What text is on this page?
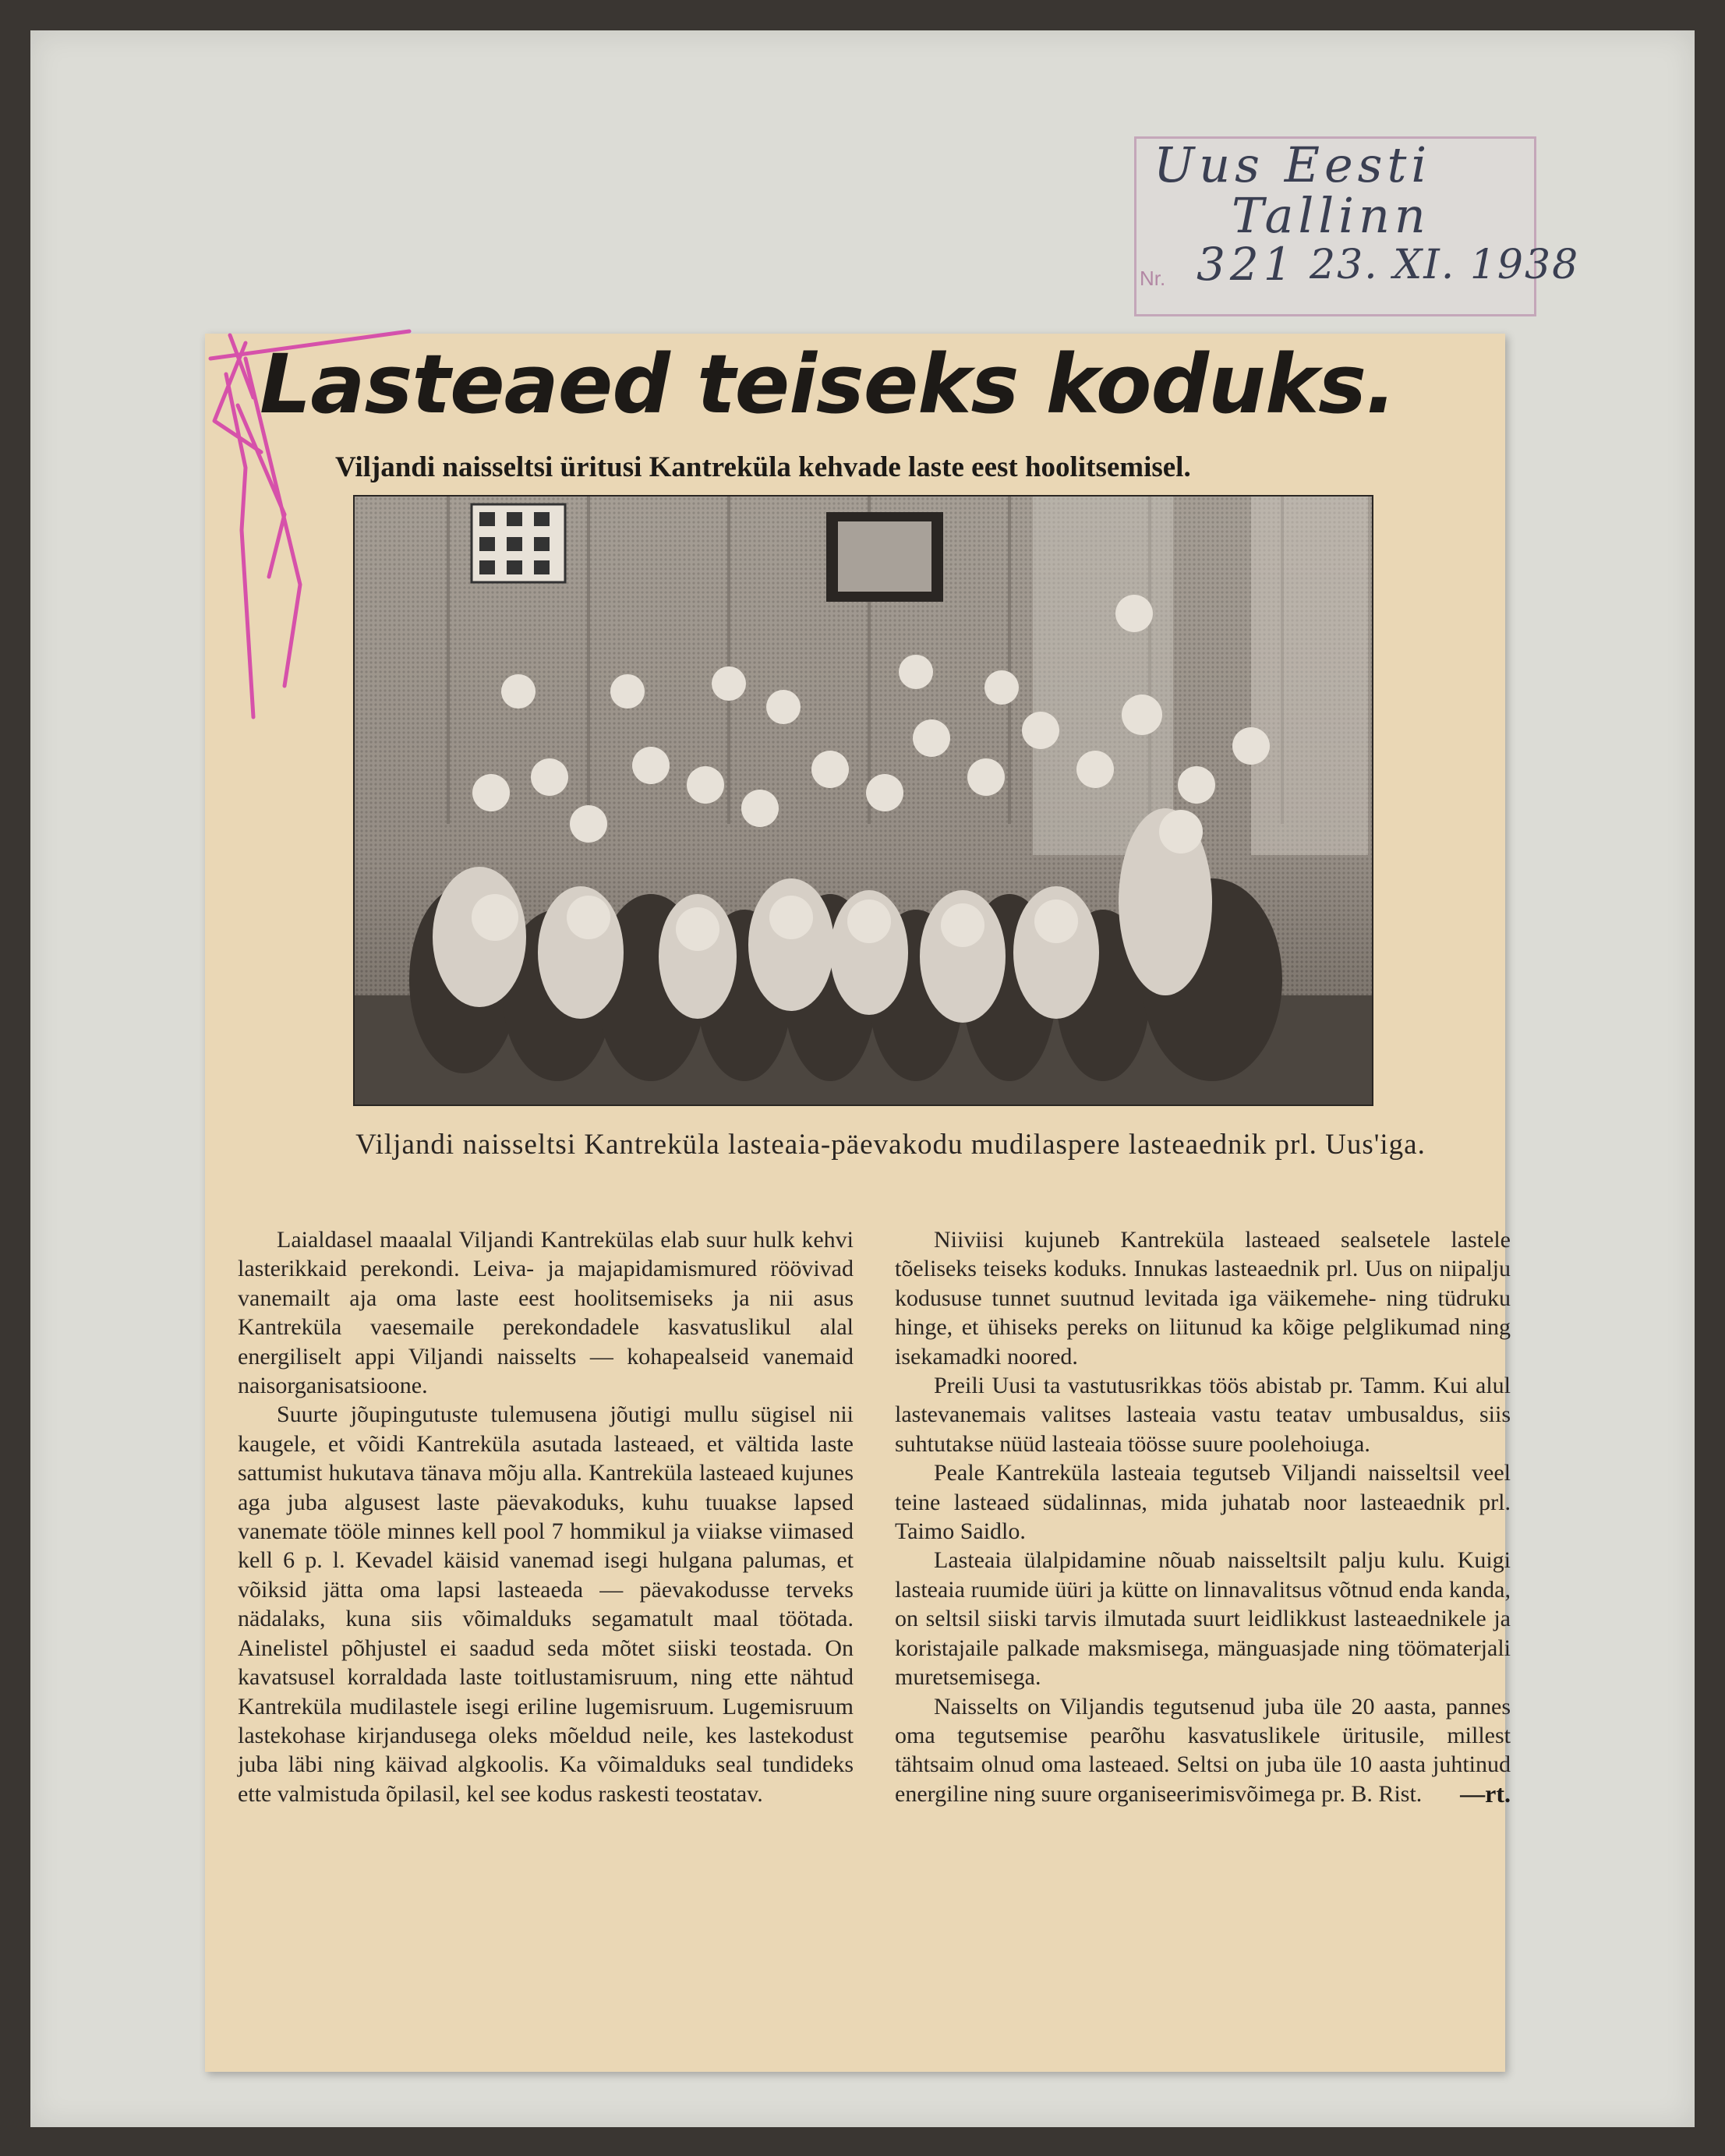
Uus Eesti
Tallinn
Nr. 321 23. XI. 1938
Lasteaed teiseks koduks.
Viljandi naisseltsi üritusi Kantreküla kehvade laste eest hoolitsemisel.
Viljandi naisseltsi Kantreküla lasteaia-päevakodu mudilaspere lasteaednik prl. Uus'iga.

Laialdasel maaalal Viljandi Kantrekülas elab suur hulk kehvi lasterikkaid perekondi. Leiva- ja majapidamismured röövivad vanemailt aja oma laste eest hoolitsemiseks ja nii asus Kantreküla vaesemaile perekondadele kasvatuslikul alal energiliselt appi Viljandi naisselts — kohapealseid vanemaid naisorganisatsioone.

Suurte jõupingutuste tulemusena jõutigi mullu sügisel nii kaugele, et võidi Kantreküla asutada lasteaed, et vältida laste sattumist hukutava tänava mõju alla. Kantreküla lasteaed kujunes aga juba algusest laste päevakoduks, kuhu tuuakse lapsed vanemate tööle minnes kell pool 7 hommikul ja viiakse viimased kell 6 p. l. Kevadel käisid vanemad isegi hulgana palumas, et võiksid jätta oma lapsi lasteaeda — päevakodusse terveks nädalaks, kuna siis võimalduks segamatult maal töötada. Ainelistel põhjustel ei saadud seda mõtet siiski teostada. On kavatsusel korraldada laste toitlustamisruum, ning ette nähtud Kantreküla mudilastele isegi eriline lugemisruum. Lugemisruum lastekohase kirjandusega oleks mõeldud neile, kes lastekodust juba läbi ning käivad algkoolis. Ka võimalduks seal tundideks ette valmistuda õpilasil, kel see kodus raskesti teostatav.

Niiviisi kujuneb Kantreküla lasteaed sealsetele lastele tõeliseks teiseks koduks. Innukas lasteaednik prl. Uus on niipalju kodususe tunnet suutnud levitada iga väikemehe- ning tüdruku hinge, et ühiseks pereks on liitunud ka kõige pelglikumad ning isekamadki noored.

Preili Uusi ta vastutusrikkas töös abistab pr. Tamm. Kui alul lastevanemais valitses lasteaia vastu teatav umbusaldus, siis suhtutakse nüüd lasteaia töösse suure poolehoiuga.

Peale Kantreküla lasteaia tegutseb Viljandi naisseltsil veel teine lasteaed südalinnas, mida juhatab noor lasteaednik prl. Taimo Saidlo.

Lasteaia ülalpidamine nõuab naisseltsilt palju kulu. Kuigi lasteaia ruumide üüri ja kütte on linnavalitsus võtnud enda kanda, on seltsil siiski tarvis ilmutada suurt leidlikkust lasteaednikele ja koristajaile palkade maksmisega, mänguasjade ning töömaterjali muretsemisega.

Naisselts on Viljandis tegutsenud juba üle 20 aasta, pannes oma tegutsemise pearõhu kasvatuslikele üritusile, millest tähtsaim olnud oma lasteaed. Seltsi on juba üle 10 aasta juhtinud energiline ning suure organiseerimisvõimega pr. B. Rist.	—rt.
